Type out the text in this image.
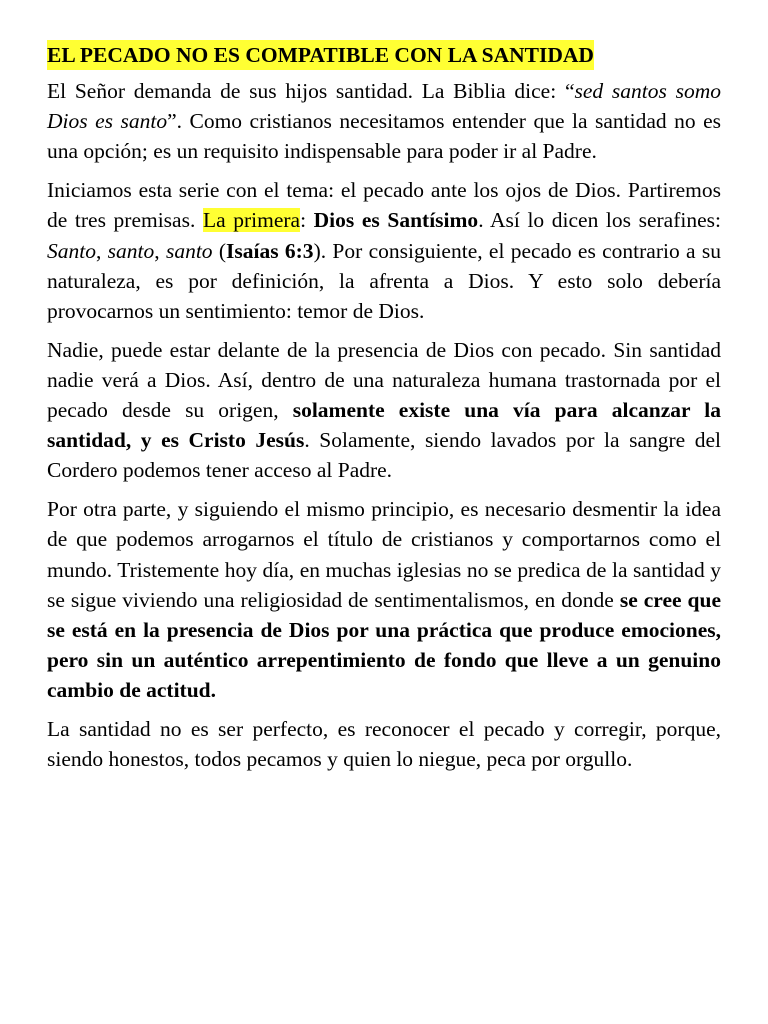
EL PECADO NO ES COMPATIBLE CON LA SANTIDAD

El Señor demanda de sus hijos santidad. La Biblia dice: “sed santos somo Dios es santo”. Como cristianos necesitamos entender que la santidad no es una opción; es un requisito indispensable para poder ir al Padre.

Iniciamos esta serie con el tema: el pecado ante los ojos de Dios. Partiremos de tres premisas. La primera: Dios es Santísimo. Así lo dicen los serafines: Santo, santo, santo (Isaías 6:3). Por consiguiente, el pecado es contrario a su naturaleza, es por definición, la afrenta a Dios. Y esto solo debería provocarnos un sentimiento: temor de Dios.

Nadie, puede estar delante de la presencia de Dios con pecado. Sin santidad nadie verá a Dios. Así, dentro de una naturaleza humana trastornada por el pecado desde su origen, solamente existe una vía para alcanzar la santidad, y es Cristo Jesús. Solamente, siendo lavados por la sangre del Cordero podemos tener acceso al Padre.

Por otra parte, y siguiendo el mismo principio, es necesario desmentir la idea de que podemos arrogarnos el título de cristianos y comportarnos como el mundo. Tristemente hoy día, en muchas iglesias no se predica de la santidad y se sigue viviendo una religiosidad de sentimentalismos, en donde se cree que se está en la presencia de Dios por una práctica que produce emociones, pero sin un auténtico arrepentimiento de fondo que lleve a un genuino cambio de actitud.

La santidad no es ser perfecto, es reconocer el pecado y corregir, porque, siendo honestos, todos pecamos y quien lo niegue, peca por orgullo.
